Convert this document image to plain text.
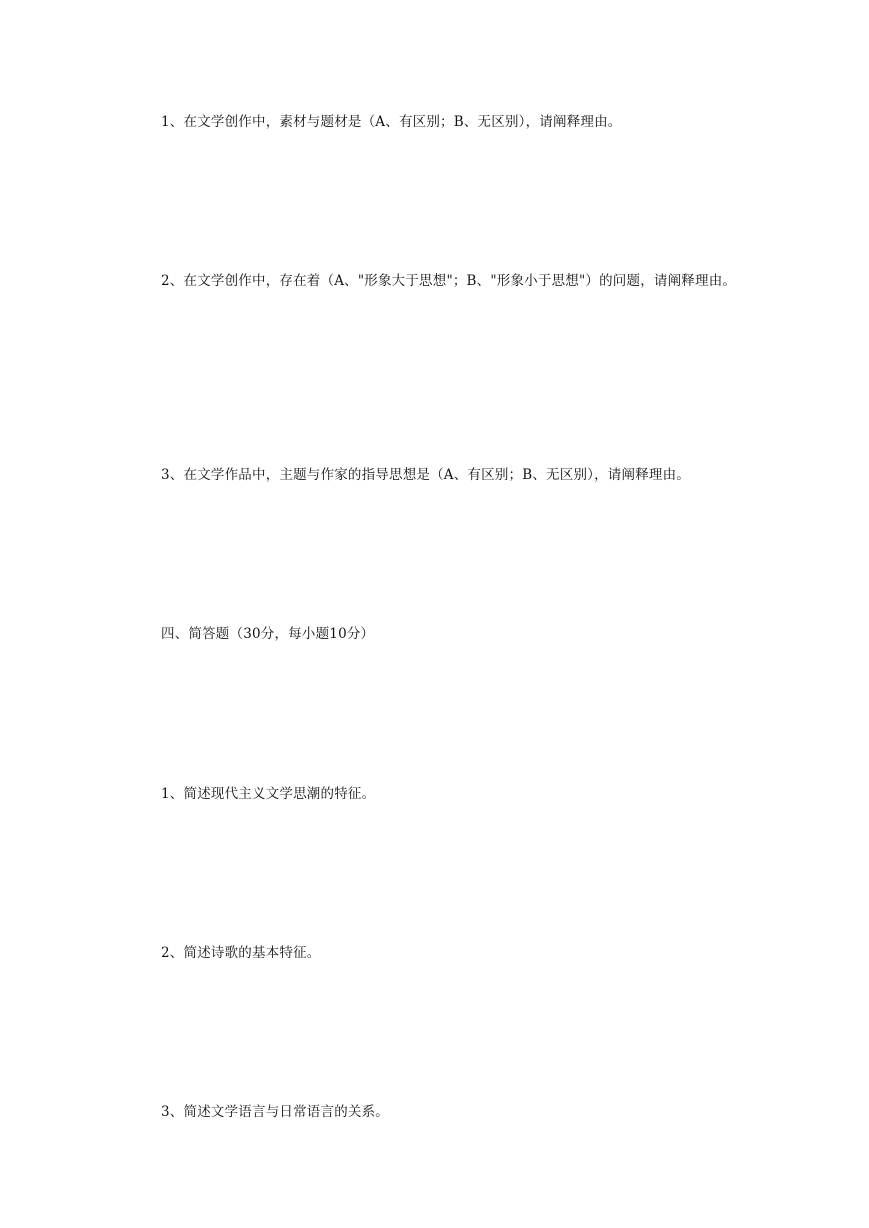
1、在文学创作中，素材与题材是（A、有区别；B、无区别），请阐释理由。

2、在文学创作中，存在着（A、"形象大于思想"；B、"形象小于思想"）的问题，请阐释理由。

3、在文学作品中，主题与作家的指导思想是（A、有区别；B、无区别），请阐释理由。

四、简答题（30分，每小题10分）

1、简述现代主义文学思潮的特征。

2、简述诗歌的基本特征。

3、简述文学语言与日常语言的关系。
